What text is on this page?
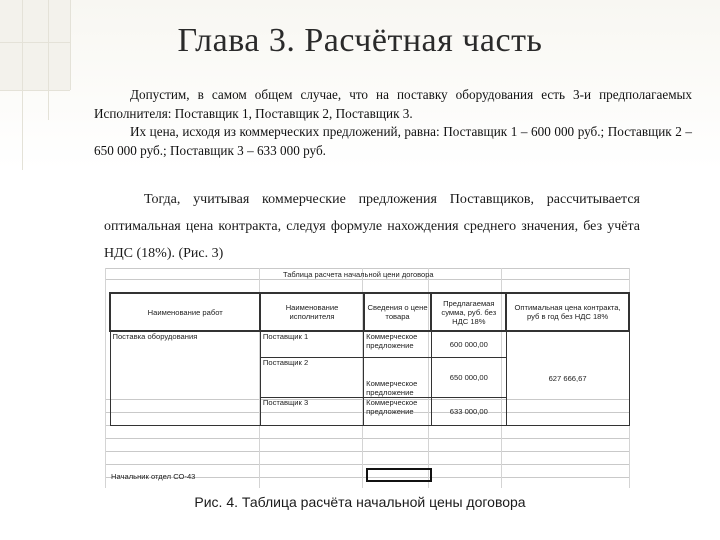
Глава 3. Расчётная часть

Допустим, в самом общем случае, что на поставку оборудования есть 3-и предполагаемых Исполнителя: Поставщик 1, Поставщик 2, Поставщик 3.

Их цена, исходя из коммерческих предложений, равна: Поставщик 1 – 600 000 руб.; Поставщик 2 – 650 000 руб.; Поставщик 3 – 633 000 руб.

Тогда, учитывая коммерческие предложения Поставщиков, рассчитывается оптимальная цена контракта, следуя формуле нахождения среднего значения, без учёта НДС (18%). (Рис. 3)

Таблица расчета начальной цени договора
Наименование работ	Наименование исполнителя	Сведения о цене товара	Предлагаемая сумма, руб. без НДС 18%	Оптимальная цена контракта, руб в год без НДС 18%
Поставка оборудования	Поставщик 1	Коммерческое предложение	600 000,00	627 666,67
	Поставщик 2	Коммерческое предложение	650 000,00	
	Поставщик 3	Коммерческое предложение	633 000,00	
Начальник отдел СО-43
Рис. 4. Таблица расчёта начальной цены договора
